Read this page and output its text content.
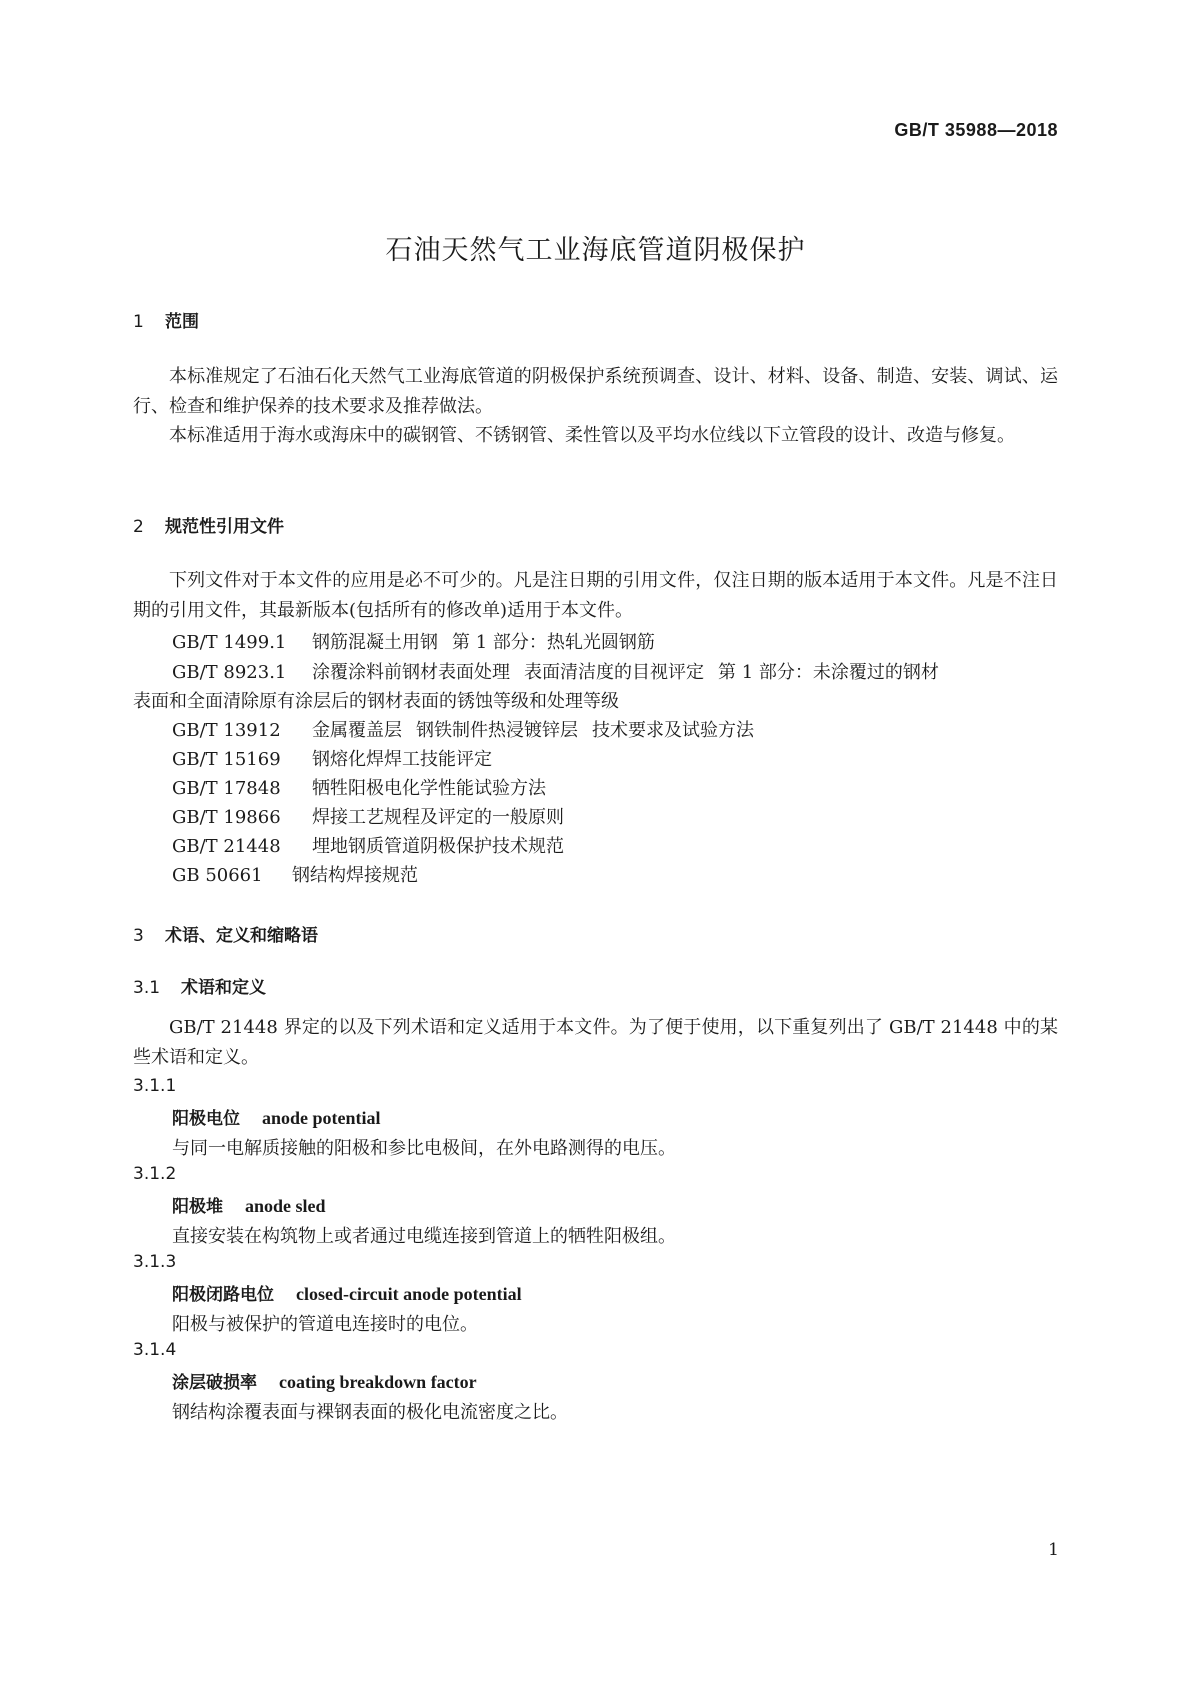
GB/T 35988—2018
石油天然气工业海底管道阴极保护
1 范围
本标准规定了石油石化天然气工业海底管道的阴极保护系统预调查、设计、材料、设备、制造、安装、调试、运行、检查和维护保养的技术要求及推荐做法。
本标准适用于海水或海床中的碳钢管、不锈钢管、柔性管以及平均水位线以下立管段的设计、改造与修复。
2 规范性引用文件
下列文件对于本文件的应用是必不可少的。凡是注日期的引用文件，仅注日期的版本适用于本文件。凡是不注日期的引用文件，其最新版本(包括所有的修改单)适用于本文件。
GB/T 1499.1 钢筋混凝土用钢 第 1 部分：热轧光圆钢筋
GB/T 8923.1 涂覆涂料前钢材表面处理 表面清洁度的目视评定 第 1 部分：未涂覆过的钢材
表面和全面清除原有涂层后的钢材表面的锈蚀等级和处理等级
GB/T 13912 金属覆盖层 钢铁制件热浸镀锌层 技术要求及试验方法
GB/T 15169 钢熔化焊焊工技能评定
GB/T 17848 牺牲阳极电化学性能试验方法
GB/T 19866 焊接工艺规程及评定的一般原则
GB/T 21448 埋地钢质管道阴极保护技术规范
GB 50661 钢结构焊接规范
3 术语、定义和缩略语
3.1 术语和定义
GB/T 21448 界定的以及下列术语和定义适用于本文件。为了便于使用，以下重复列出了 GB/T 21448 中的某些术语和定义。
3.1.1
阳极电位 anode potential
与同一电解质接触的阳极和参比电极间，在外电路测得的电压。
3.1.2
阳极堆 anode sled
直接安装在构筑物上或者通过电缆连接到管道上的牺牲阳极组。
3.1.3
阳极闭路电位 closed-circuit anode potential
阳极与被保护的管道电连接时的电位。
3.1.4
涂层破损率 coating breakdown factor
钢结构涂覆表面与裸钢表面的极化电流密度之比。
1
